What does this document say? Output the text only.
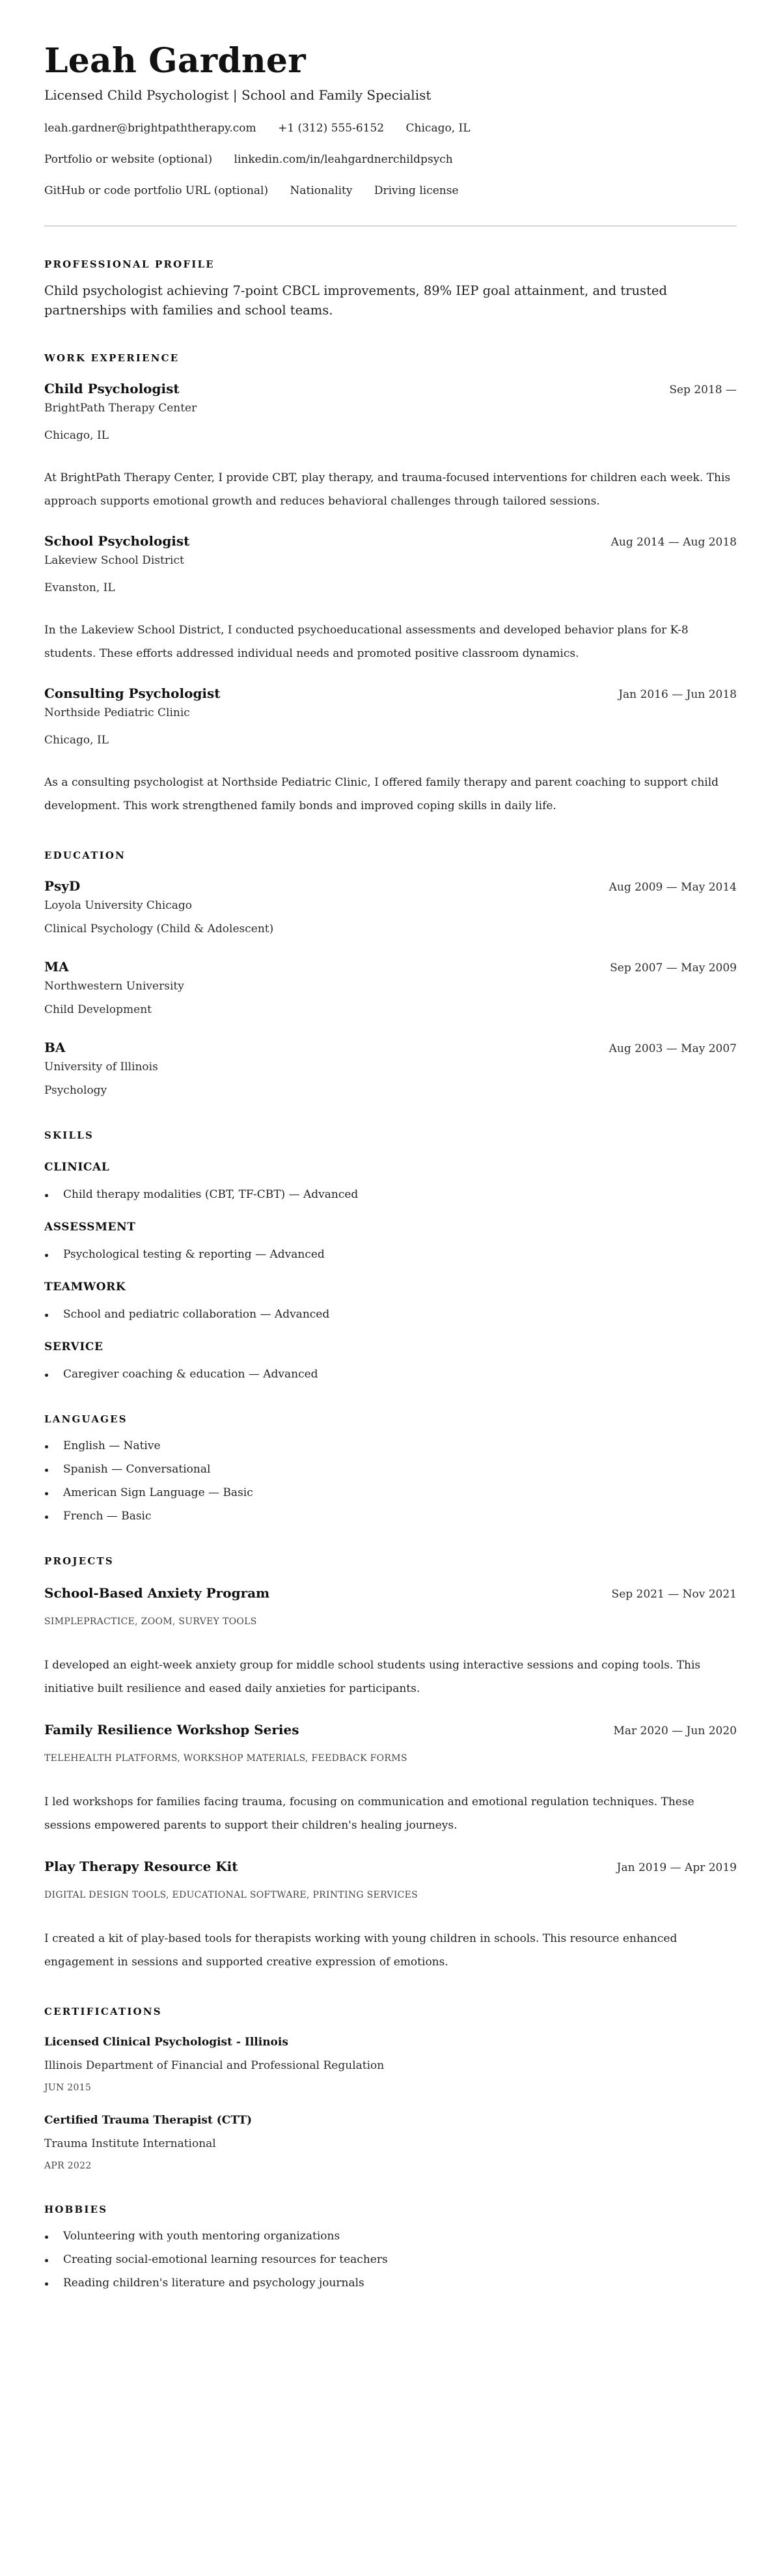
Leah Gardner
Licensed Child Psychologist | School and Family Specialist
leah.gardner@brightpaththerapy.com +1 (312) 555-6152 Chicago, IL
Portfolio or website (optional) linkedin.com/in/leahgardnerchildpsych
GitHub or code portfolio URL (optional) Nationality Driving license
PROFESSIONAL PROFILE

Child psychologist achieving 7-point CBCL improvements, 89% IEP goal attainment, and trusted partnerships with families and school teams.

WORK EXPERIENCE
Child Psychologist	Sep 2018 —
BrightPath Therapy Center
Chicago, IL

At BrightPath Therapy Center, I provide CBT, play therapy, and trauma-focused interventions for children each week. This approach supports emotional growth and reduces behavioral challenges through tailored sessions.

School Psychologist	Aug 2014 — Aug 2018
Lakeview School District
Evanston, IL

In the Lakeview School District, I conducted psychoeducational assessments and developed behavior plans for K-8 students. These efforts addressed individual needs and promoted positive classroom dynamics.

Consulting Psychologist	Jan 2016 — Jun 2018
Northside Pediatric Clinic
Chicago, IL

As a consulting psychologist at Northside Pediatric Clinic, I offered family therapy and parent coaching to support child development. This work strengthened family bonds and improved coping skills in daily life.

EDUCATION
PsyD	Aug 2009 — May 2014
Loyola University Chicago
Clinical Psychology (Child & Adolescent)
MA	Sep 2007 — May 2009
Northwestern University
Child Development
BA	Aug 2003 — May 2007
University of Illinois
Psychology
SKILLS
CLINICAL
Child therapy modalities (CBT, TF-CBT) — Advanced
ASSESSMENT
Psychological testing & reporting — Advanced
TEAMWORK
School and pediatric collaboration — Advanced
SERVICE
Caregiver coaching & education — Advanced
LANGUAGES
English — Native
Spanish — Conversational
American Sign Language — Basic
French — Basic
PROJECTS
School-Based Anxiety Program	Sep 2021 — Nov 2021
SIMPLEPRACTICE, ZOOM, SURVEY TOOLS

I developed an eight-week anxiety group for middle school students using interactive sessions and coping tools. This initiative built resilience and eased daily anxieties for participants.

Family Resilience Workshop Series	Mar 2020 — Jun 2020
TELEHEALTH PLATFORMS, WORKSHOP MATERIALS, FEEDBACK FORMS

I led workshops for families facing trauma, focusing on communication and emotional regulation techniques. These sessions empowered parents to support their children's healing journeys.

Play Therapy Resource Kit	Jan 2019 — Apr 2019
DIGITAL DESIGN TOOLS, EDUCATIONAL SOFTWARE, PRINTING SERVICES

I created a kit of play-based tools for therapists working with young children in schools. This resource enhanced engagement in sessions and supported creative expression of emotions.

CERTIFICATIONS
Licensed Clinical Psychologist - Illinois
Illinois Department of Financial and Professional Regulation
JUN 2015
Certified Trauma Therapist (CTT)
Trauma Institute International
APR 2022
HOBBIES
Volunteering with youth mentoring organizations
Creating social-emotional learning resources for teachers
Reading children's literature and psychology journals
